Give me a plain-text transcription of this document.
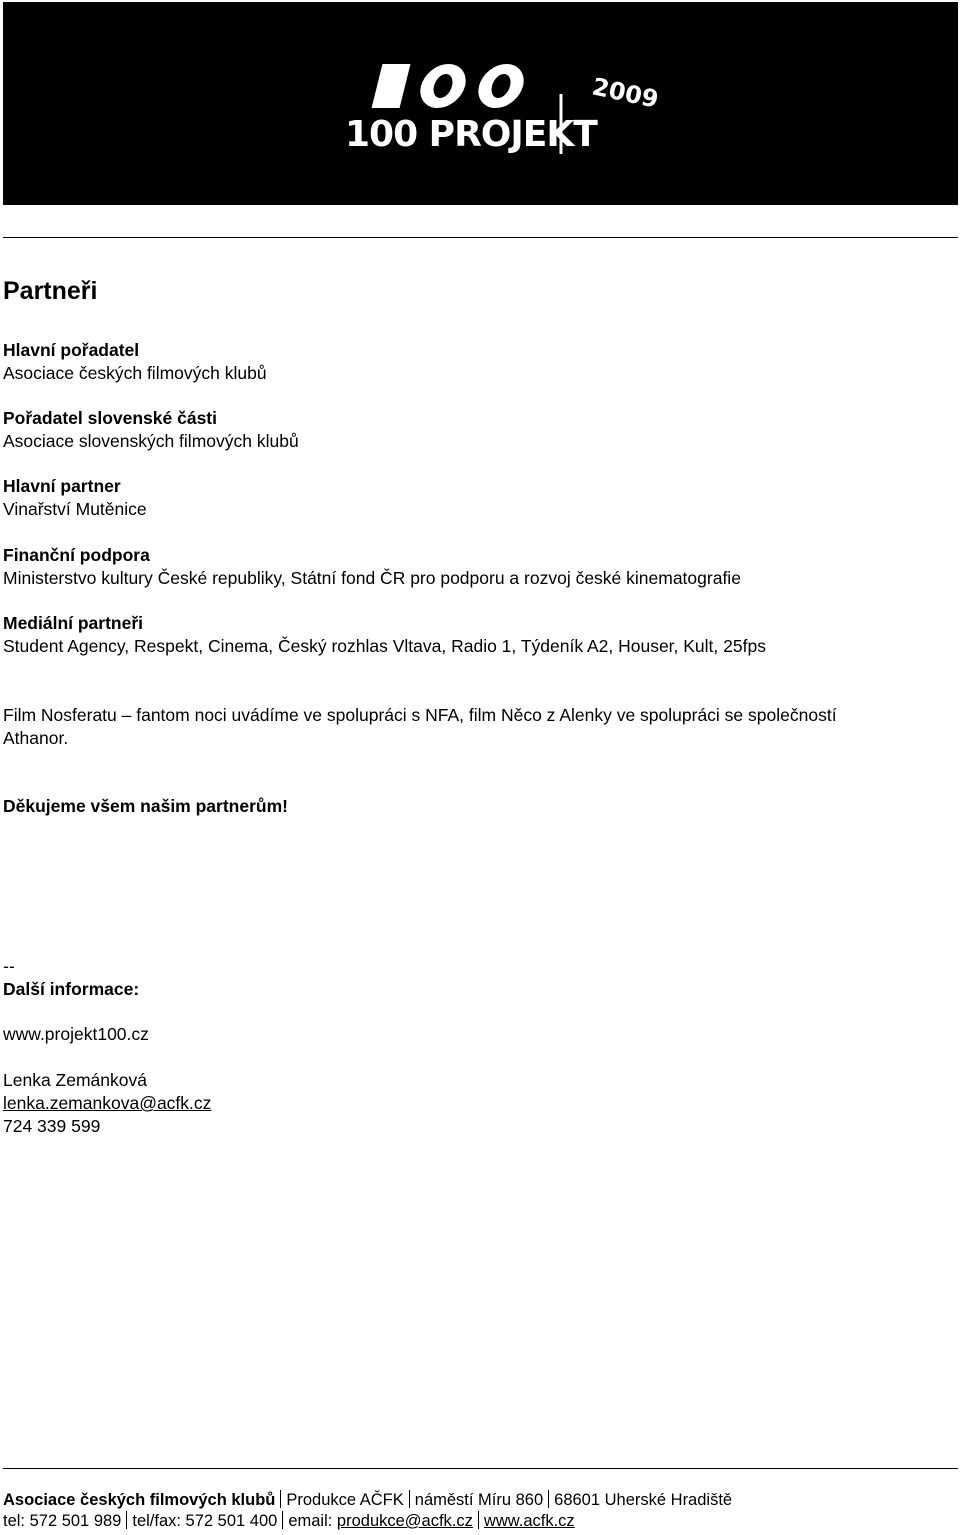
100 PROJEKT
2009
Partneři
Hlavní pořadatel
Asociace českých filmových klubů
Pořadatel slovenské části
Asociace slovenských filmových klubů
Hlavní partner
Vinařství Mutěnice
Finanční podpora
Ministerstvo kultury České republiky, Státní fond ČR pro podporu a rozvoj české kinematografie
Mediální partneři
Student Agency, Respekt, Cinema, Český rozhlas Vltava, Radio 1, Týdeník A2, Houser, Kult, 25fps
Film Nosferatu – fantom noci uvádíme ve spolupráci s NFA, film Něco z Alenky ve spolupráci se společností
Athanor.
Děkujeme všem našim partnerům!
--
Další informace:
www.projekt100.cz
Lenka Zemánková
lenka.zemankova@acfk.cz
724 339 599
Asociace českých filmových klubů Produkce AČFK náměstí Míru 860 68601 Uherské Hradiště
tel: 572 501 989 tel/fax: 572 501 400 email: produkce@acfk.cz www.acfk.cz
